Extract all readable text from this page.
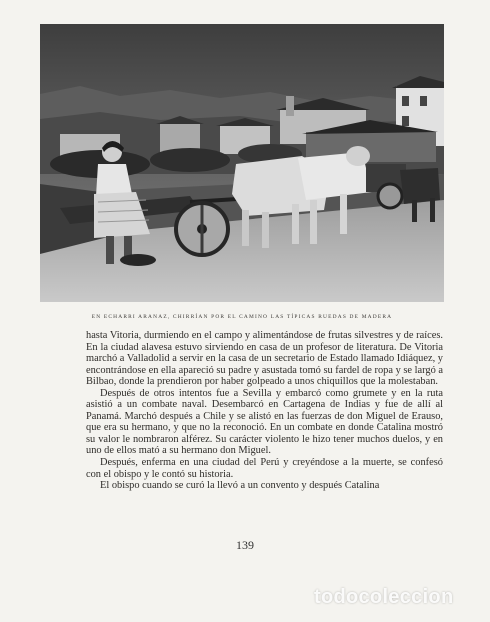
EN ECHARRI ARANAZ, CHIRRÍAN POR EL CAMINO LAS TÍPICAS RUEDAS DE MADERA

hasta Vitoria, durmiendo en el campo y alimentándose de frutas silvestres y de raíces. En la ciudad alavesa estuvo sirviendo en casa de un profesor de literatura. De Vitoria marchó a Valladolid a servir en la casa de un secretario de Estado llamado Idiáquez, y encontrándose en ella apareció su padre y asustada tomó su fardel de ropa y se largó a Bilbao, donde la prendieron por haber golpeado a unos chiquillos que la molestaban.

Después de otros intentos fue a Sevilla y embarcó como grumete y en la ruta asistió a un combate naval. Desembarcó en Cartagena de Indias y fue de allí al Panamá. Marchó después a Chile y se alistó en las fuerzas de don Miguel de Erauso, que era su hermano, y que no la reconoció. En un combate en donde Catalina mostró su valor le nombraron alférez. Su carácter violento le hizo tener muchos duelos, y en uno de ellos mató a su hermano don Miguel.

Después, enferma en una ciudad del Perú y creyéndose a la muerte, se confesó con el obispo y le contó su historia.

El obispo cuando se curó la llevó a un convento y después Catalina

139
todocoleccion
